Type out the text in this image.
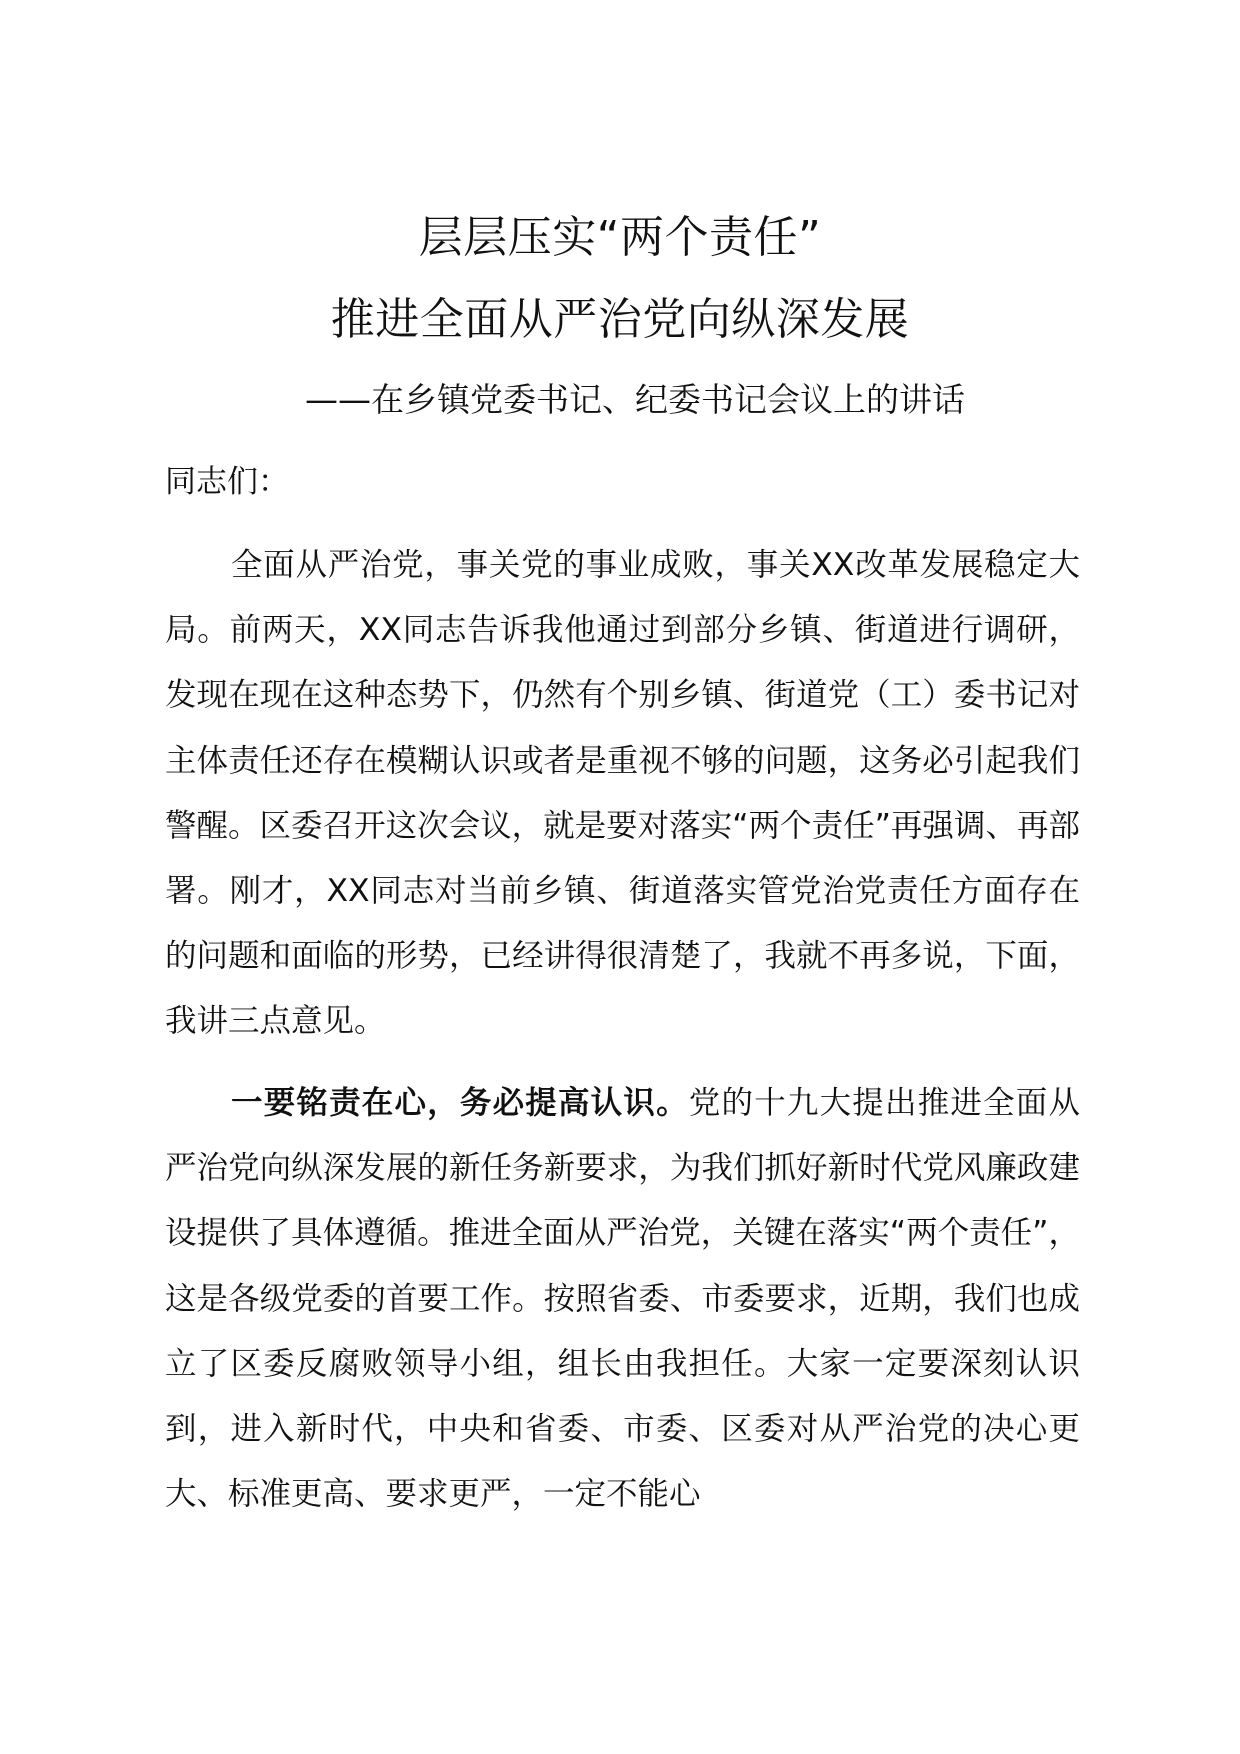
层层压实“两个责任”
推进全面从严治党向纵深发展

——在乡镇党委书记、纪委书记会议上的讲话

同志们：

全面从严治党，事关党的事业成败，事关XX改革发展稳定大局。前两天，XX同志告诉我他通过到部分乡镇、街道进行调研，发现在现在这种态势下，仍然有个别乡镇、街道党（工）委书记对主体责任还存在模糊认识或者是重视不够的问题，这务必引起我们警醒。区委召开这次会议，就是要对落实“两个责任”再强调、再部署。刚才，XX同志对当前乡镇、街道落实管党治党责任方面存在的问题和面临的形势，已经讲得很清楚了，我就不再多说，下面，我讲三点意见。

一要铭责在心，务必提高认识。党的十九大提出推进全面从严治党向纵深发展的新任务新要求，为我们抓好新时代党风廉政建设提供了具体遵循。推进全面从严治党，关键在落实“两个责任”，这是各级党委的首要工作。按照省委、市委要求，近期，我们也成立了区委反腐败领导小组，组长由我担任。大家一定要深刻认识到，进入新时代，中央和省委、市委、区委对从严治党的决心更大、标准更高、要求更严，一定不能心
